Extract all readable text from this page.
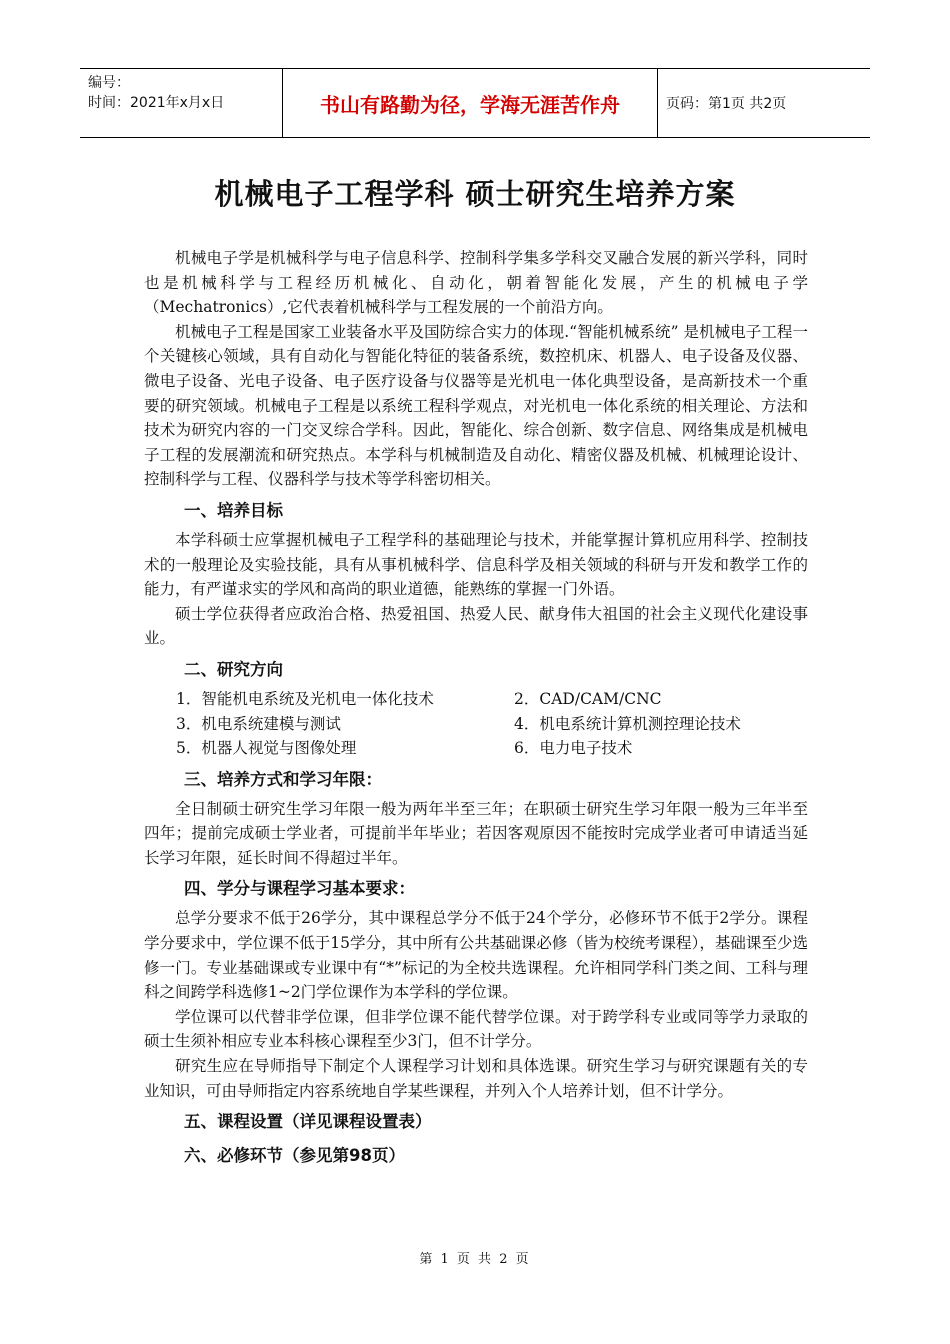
编号：
时间：2021年x月x日	书山有路勤为径，学海无涯苦作舟	页码：第1页 共2页
机械电子工程学科 硕士研究生培养方案

机械电子学是机械科学与电子信息科学、控制科学集多学科交叉融合发展的新兴学科，同时也是机械科学与工程经历机械化、自动化，朝着智能化发展，产生的机械电子学（Mechatronics）,它代表着机械科学与工程发展的一个前沿方向。

机械电子工程是国家工业装备水平及国防综合实力的体现.“智能机械系统” 是机械电子工程一个关键核心领域，具有自动化与智能化特征的装备系统，数控机床、机器人、电子设备及仪器、微电子设备、光电子设备、电子医疗设备与仪器等是光机电一体化典型设备，是高新技术一个重要的研究领域。机械电子工程是以系统工程科学观点，对光机电一体化系统的相关理论、方法和技术为研究内容的一门交叉综合学科。因此，智能化、综合创新、数字信息、网络集成是机械电子工程的发展潮流和研究热点。本学科与机械制造及自动化、精密仪器及机械、机械理论设计、控制科学与工程、仪器科学与技术等学科密切相关。

一、培养目标

本学科硕士应掌握机械电子工程学科的基础理论与技术，并能掌握计算机应用科学、控制技术的一般理论及实验技能，具有从事机械科学、信息科学及相关领域的科研与开发和教学工作的能力，有严谨求实的学风和高尚的职业道德，能熟练的掌握一门外语。

硕士学位获得者应政治合格、热爱祖国、热爱人民、献身伟大祖国的社会主义现代化建设事业。

二、研究方向
1．智能机电系统及光机电一体化技术	2．CAD/CAM/CNC
3．机电系统建模与测试	4．机电系统计算机测控理论技术
5．机器人视觉与图像处理	6．电力电子技术
三、培养方式和学习年限：

全日制硕士研究生学习年限一般为两年半至三年；在职硕士研究生学习年限一般为三年半至四年；提前完成硕士学业者，可提前半年毕业；若因客观原因不能按时完成学业者可申请适当延长学习年限，延长时间不得超过半年。

四、学分与课程学习基本要求：

总学分要求不低于26学分，其中课程总学分不低于24个学分，必修环节不低于2学分。课程学分要求中，学位课不低于15学分，其中所有公共基础课必修（皆为校统考课程），基础课至少选修一门。专业基础课或专业课中有“*”标记的为全校共选课程。允许相同学科门类之间、工科与理科之间跨学科选修1~2门学位课作为本学科的学位课。

学位课可以代替非学位课，但非学位课不能代替学位课。对于跨学科专业或同等学力录取的硕士生须补相应专业本科核心课程至少3门，但不计学分。

研究生应在导师指导下制定个人课程学习计划和具体选课。研究生学习与研究课题有关的专业知识，可由导师指定内容系统地自学某些课程，并列入个人培养计划，但不计学分。

五、课程设置（详见课程设置表）
六、必修环节（参见第98页）
第 1 页 共 2 页
